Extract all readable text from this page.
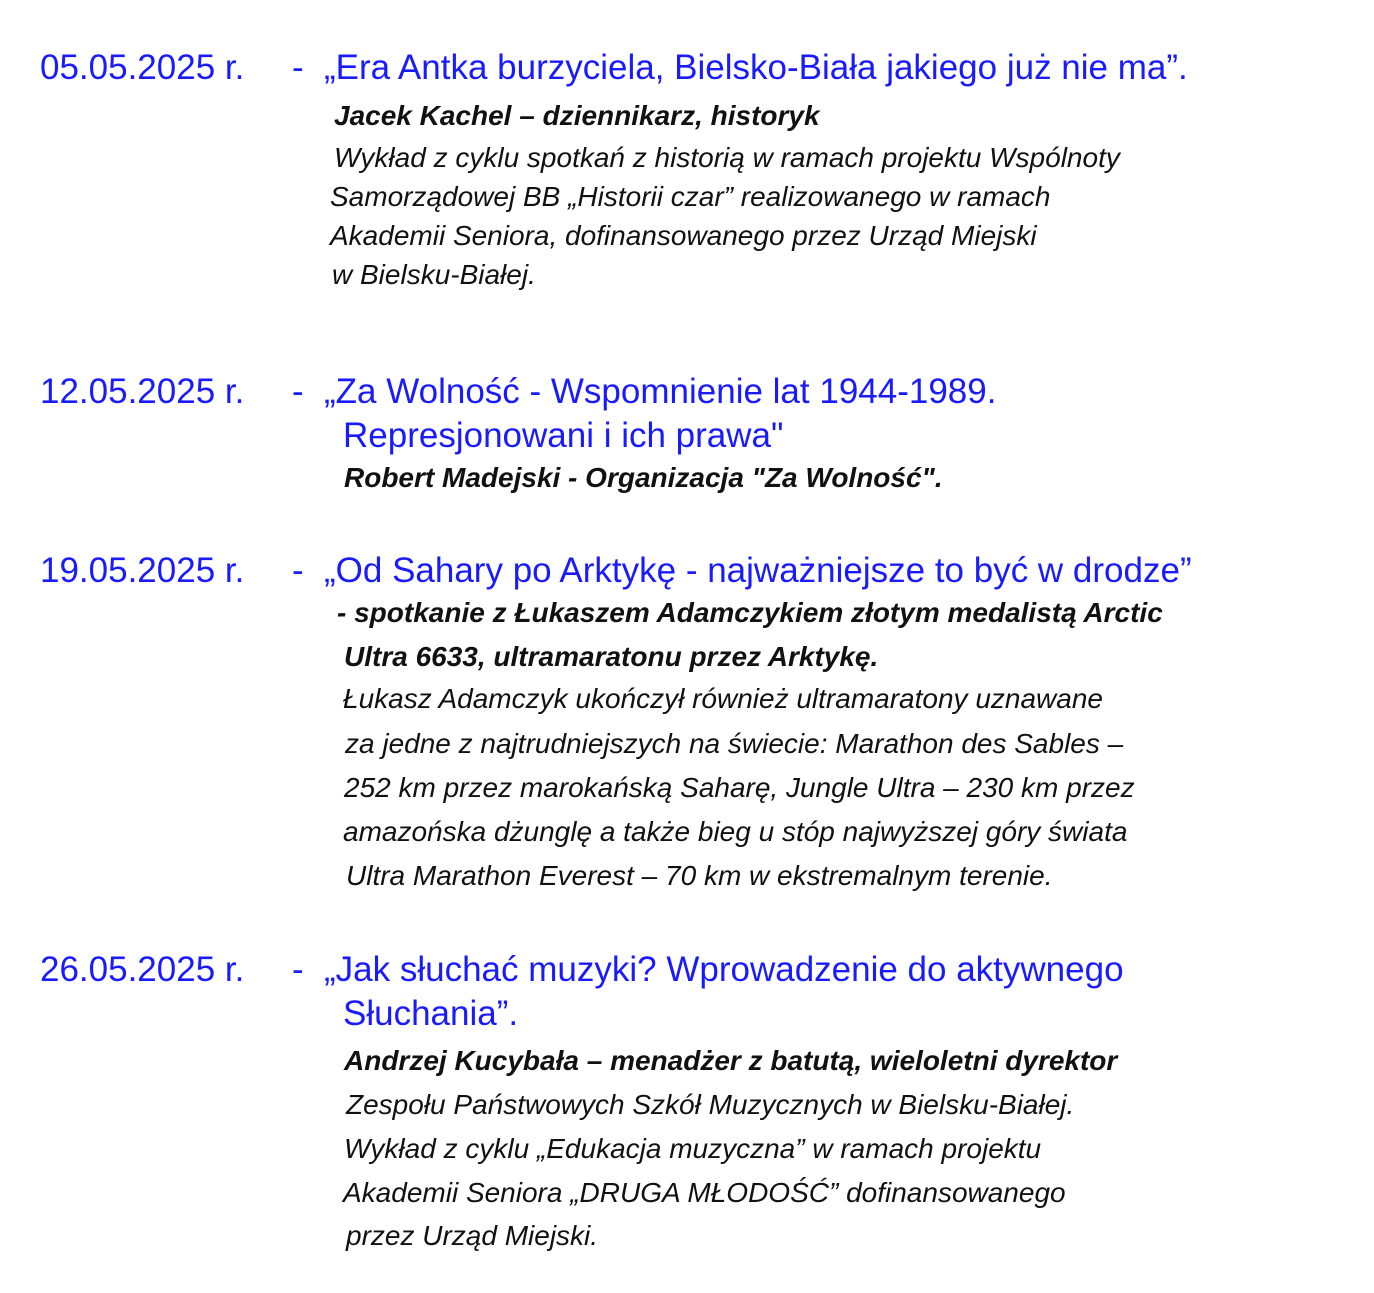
05.05.2025 r. - „Era Antka burzyciela, Bielsko-Biała jakiego już nie ma”.

Jacek Kachel – dziennikarz, historyk

Wykład z cyklu spotkań z historią w ramach projektu Wspólnoty

Samorządowej BB „Historii czar” realizowanego w ramach

Akademii Seniora, dofinansowanego przez Urząd Miejski

w Bielsku-Białej.

12.05.2025 r. - „Za Wolność - Wspomnienie lat 1944-1989.

Represjonowani i ich prawa"

Robert Madejski - Organizacja "Za Wolność".

19.05.2025 r. - „Od Sahary po Arktykę - najważniejsze to być w drodze”

- spotkanie z Łukaszem Adamczykiem złotym medalistą Arctic

Ultra 6633, ultramaratonu przez Arktykę.

Łukasz Adamczyk ukończył również ultramaratony uznawane

za jedne z najtrudniejszych na świecie: Marathon des Sables –

252 km przez marokańską Saharę, Jungle Ultra – 230 km przez

amazońska dżunglę a także bieg u stóp najwyższej góry świata

Ultra Marathon Everest – 70 km w ekstremalnym terenie.

26.05.2025 r. - „Jak słuchać muzyki? Wprowadzenie do aktywnego

Słuchania”.

Andrzej Kucybała – menadżer z batutą, wieloletni dyrektor

Zespołu Państwowych Szkół Muzycznych w Bielsku-Białej.

Wykład z cyklu „Edukacja muzyczna” w ramach projektu

Akademii Seniora „DRUGA MŁODOŚĆ” dofinansowanego

przez Urząd Miejski.
